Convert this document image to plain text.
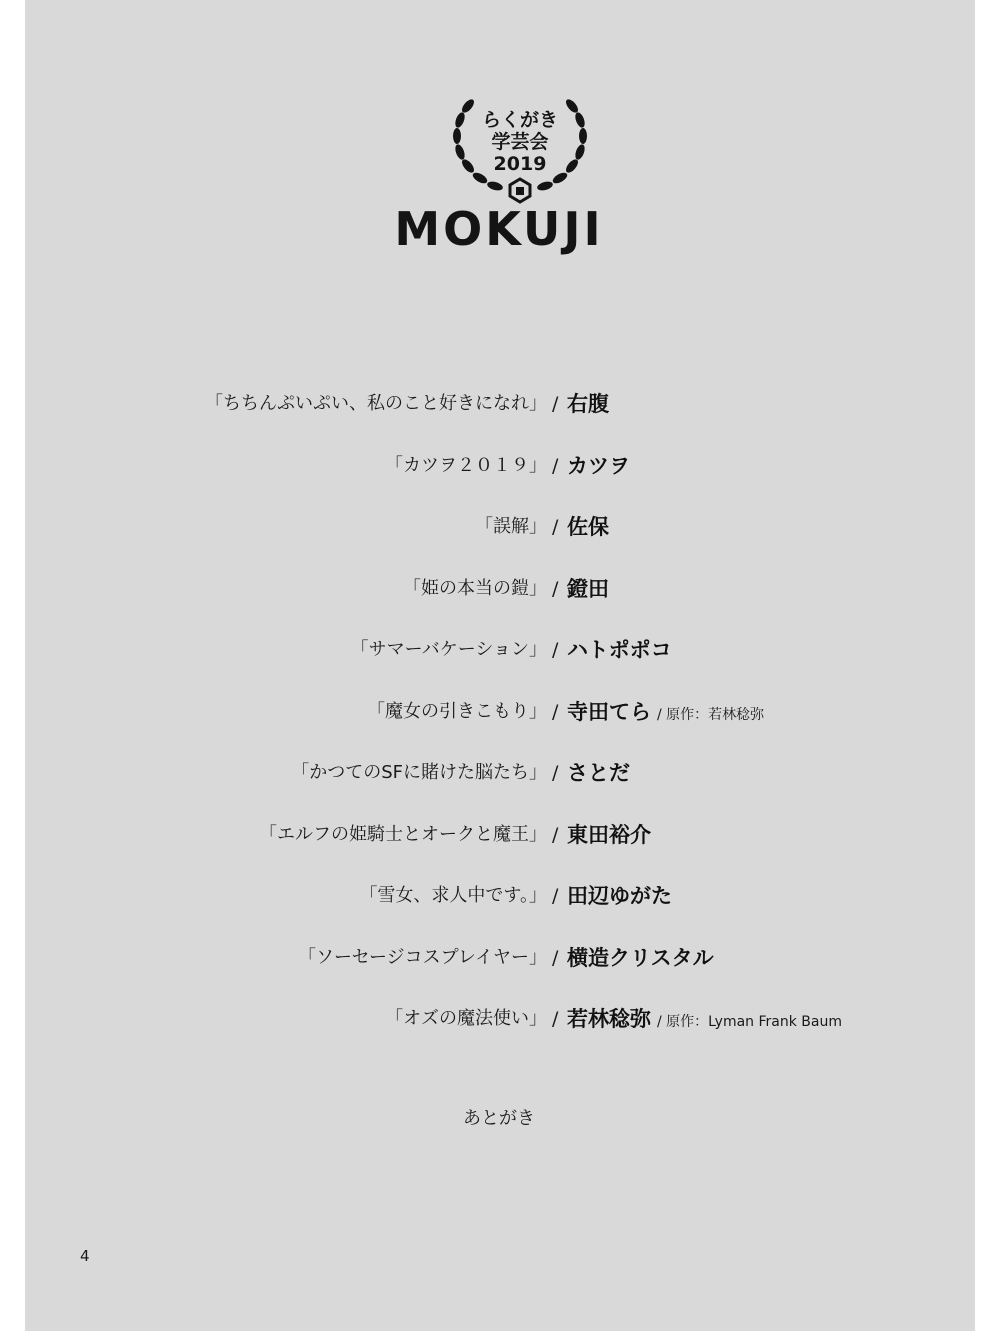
らくがき
学芸会
2019
MOKUJI
「ちちんぷいぷい、私のこと好きになれ」 / 右腹
「カツヲ２０１９」 / カツヲ
「誤解」 / 佐保
「姫の本当の鎧」 / 鐙田
「サマーバケーション」 / ハトポポコ
「魔女の引きこもり」 / 寺田てら / 原作：若林稔弥
「かつてのSFに賭けた脳たち」 / さとだ
「エルフの姫騎士とオークと魔王」 / 東田裕介
「雪女、求人中です。」 / 田辺ゆがた
「ソーセージコスプレイヤー」 / 横造クリスタル
「オズの魔法使い」 / 若林稔弥 / 原作：Lyman Frank Baum
あとがき
4
